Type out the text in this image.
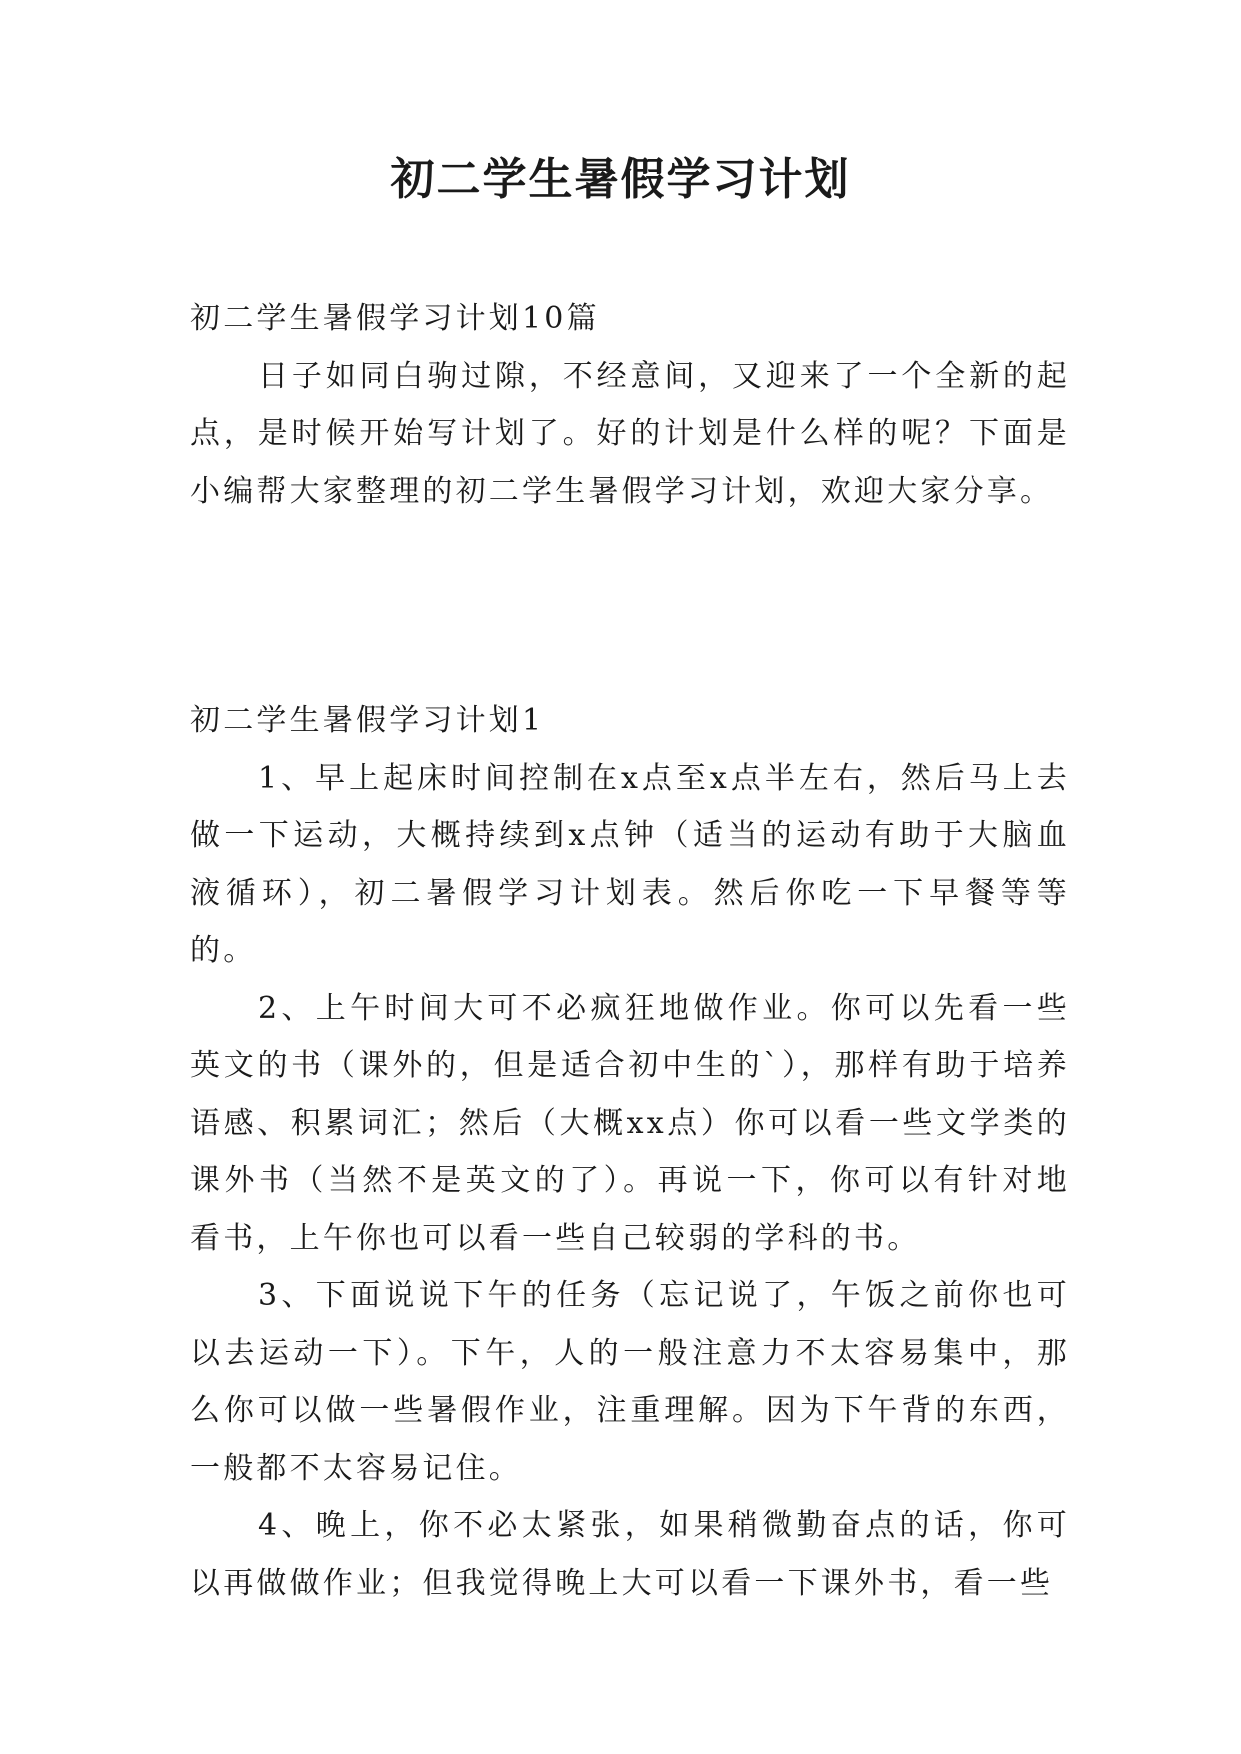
初二学生暑假学习计划

初二学生暑假学习计划10篇

日子如同白驹过隙，不经意间，又迎来了一个全新的起点，是时候开始写计划了。好的计划是什么样的呢？下面是小编帮大家整理的初二学生暑假学习计划，欢迎大家分享。

初二学生暑假学习计划1

1、早上起床时间控制在x点至x点半左右，然后马上去做一下运动，大概持续到x点钟（适当的运动有助于大脑血液循环），初二暑假学习计划表。然后你吃一下早餐等等的。

2、上午时间大可不必疯狂地做作业。你可以先看一些英文的书（课外的，但是适合初中生的`），那样有助于培养语感、积累词汇；然后（大概xx点）你可以看一些文学类的课外书（当然不是英文的了）。再说一下，你可以有针对地看书，上午你也可以看一些自己较弱的学科的书。

3、下面说说下午的任务（忘记说了，午饭之前你也可以去运动一下）。下午，人的一般注意力不太容易集中，那么你可以做一些暑假作业，注重理解。因为下午背的东西，一般都不太容易记住。

4、晚上，你不必太紧张，如果稍微勤奋点的话，你可以再做做作业；但我觉得晚上大可以看一下课外书，看一些
